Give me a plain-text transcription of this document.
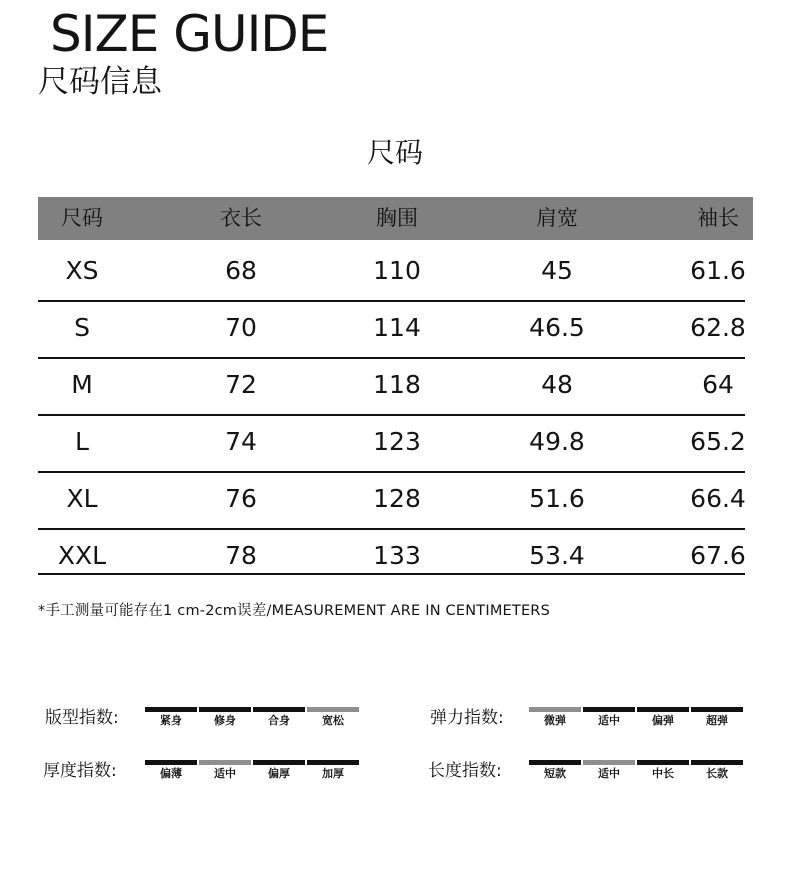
SIZE GUIDE
尺码信息
尺码
尺码	衣长	胸围	肩宽	袖长
XS	68	110	45	61.6
S	70	114	46.5	62.8
M	72	118	48	64
L	74	123	49.8	65.2
XL	76	128	51.6	66.4
XXL	78	133	53.4	67.6
*手工测量可能存在1 cm-2cm误差/MEASUREMENT ARE IN CENTIMETERS
版型指数:	紧身	修身	合身	宽松	弹力指数:	微弹	适中	偏弹	超弹
厚度指数:	偏薄	适中	偏厚	加厚	长度指数:	短款	适中	中长	长款
